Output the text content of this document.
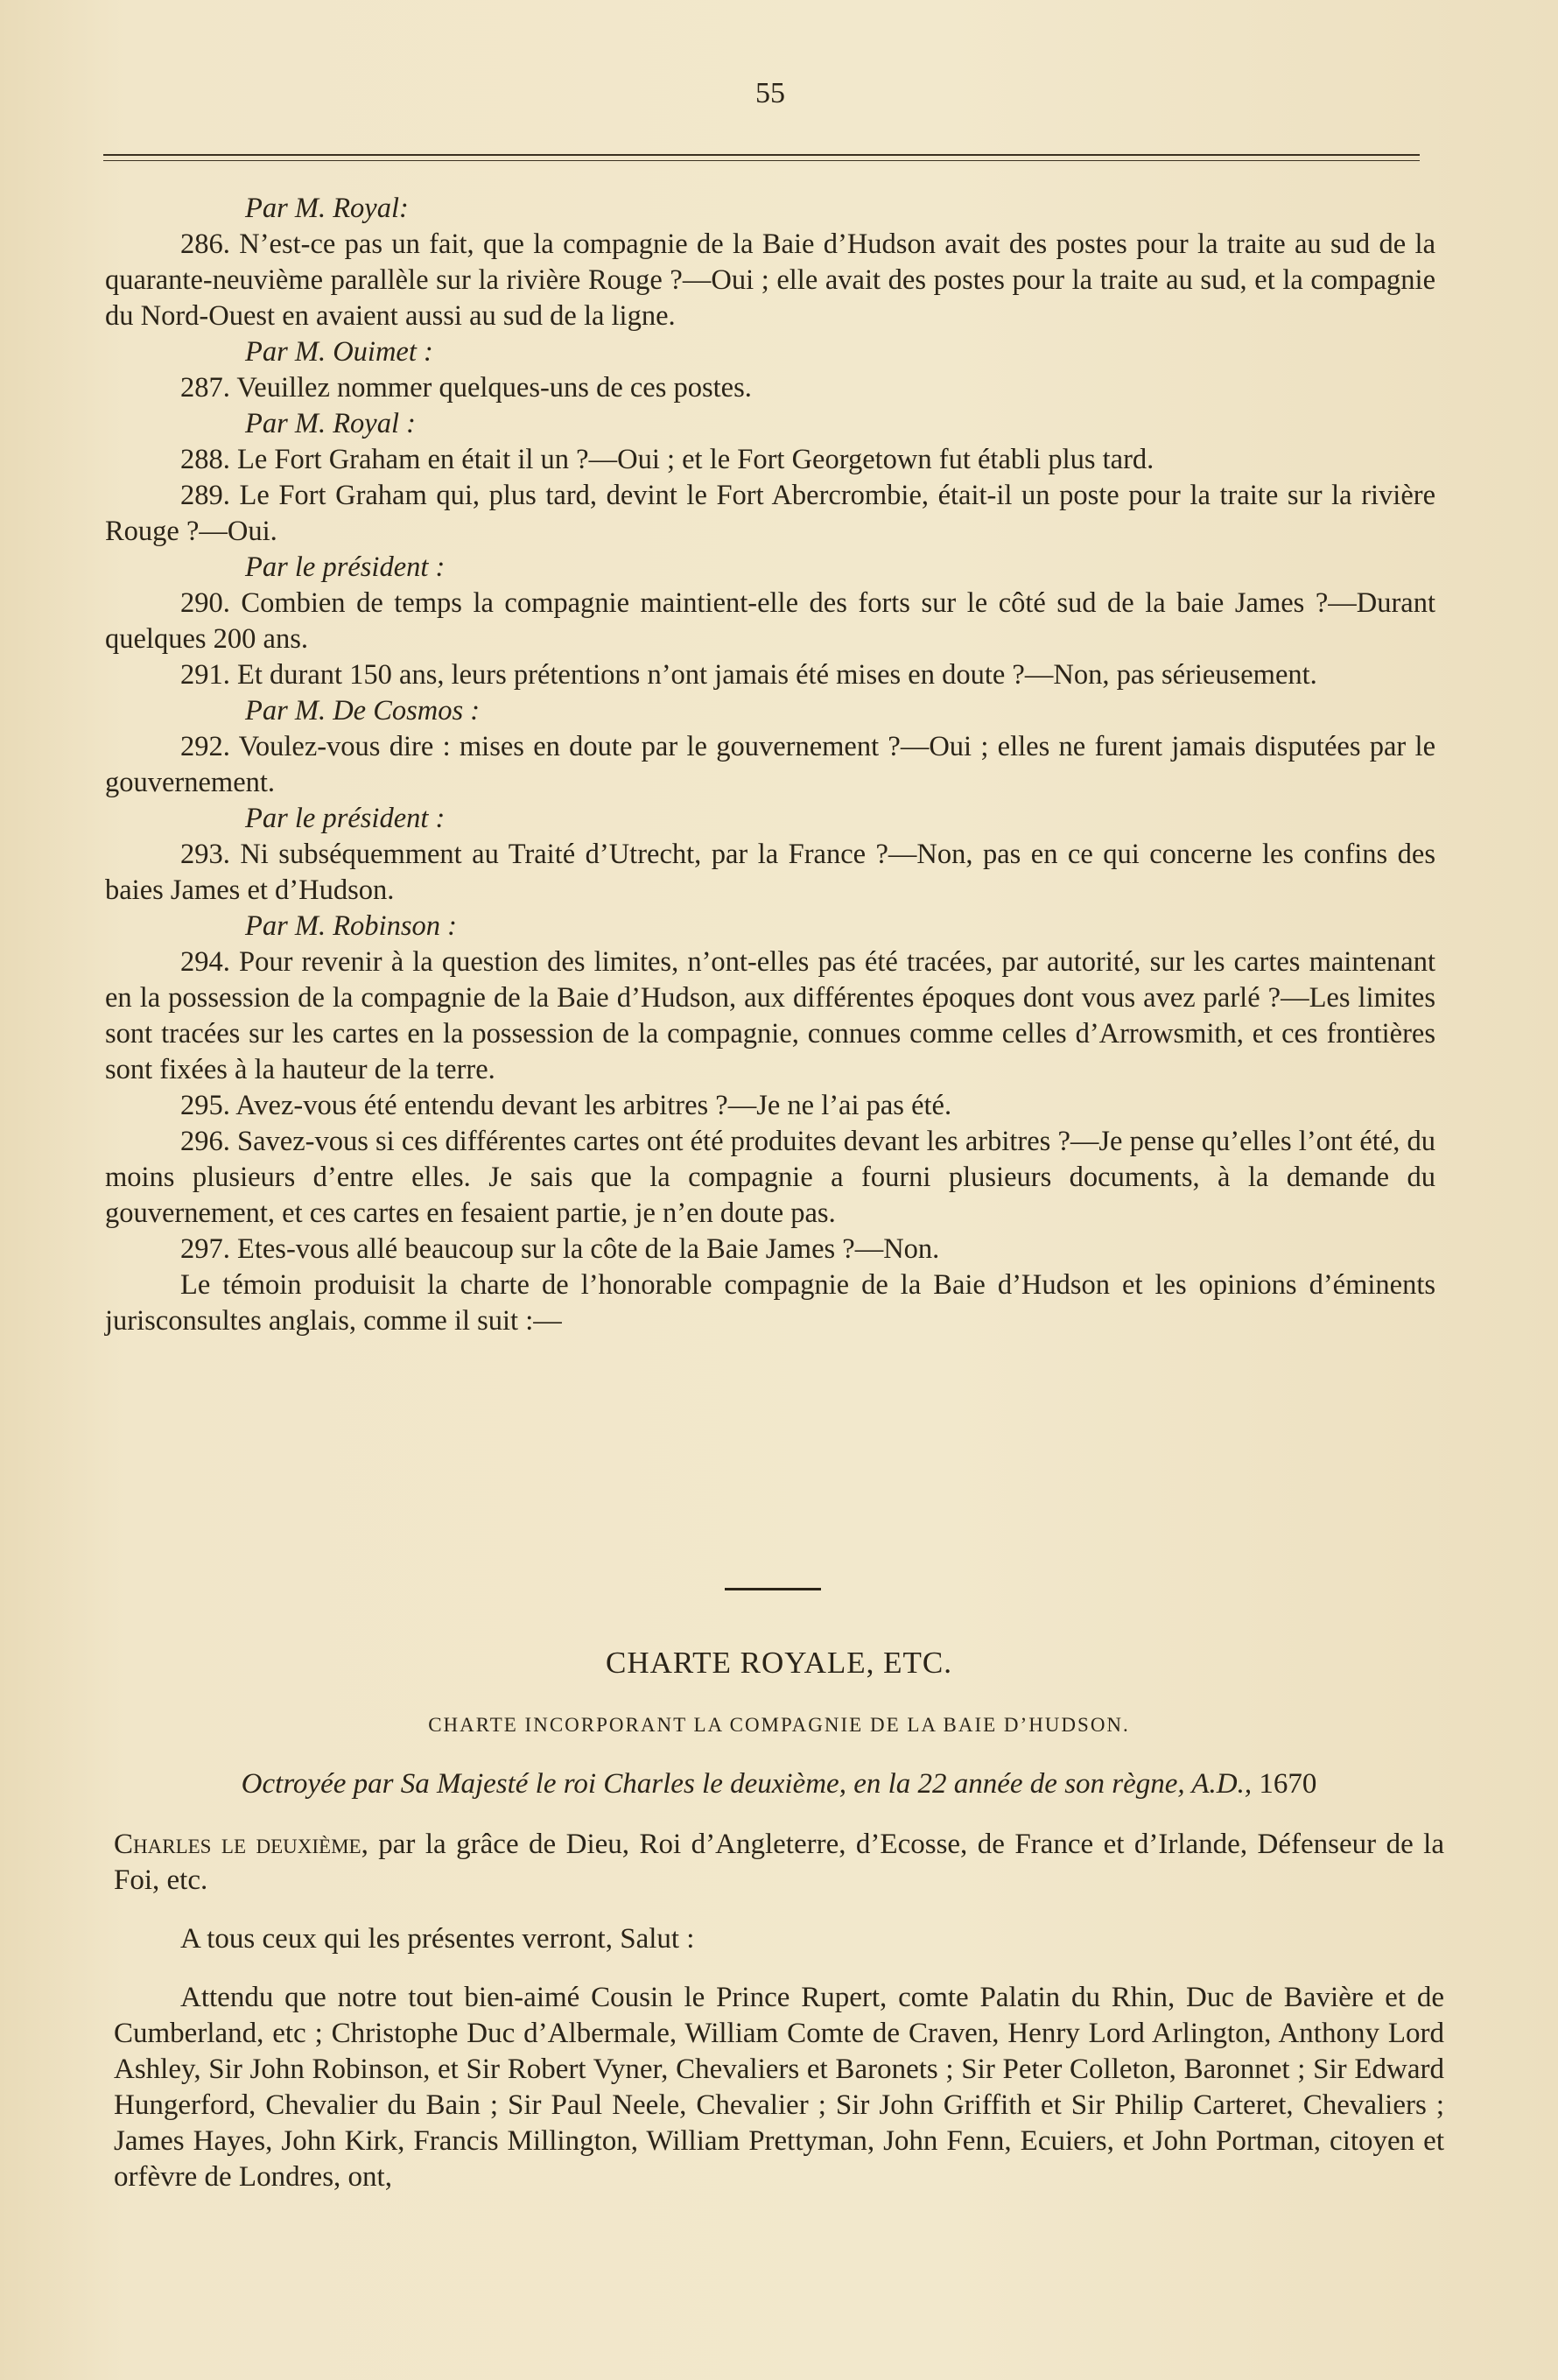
55
Par M. Royal:
286. N’est-ce pas un fait, que la compagnie de la Baie d’Hudson avait des postes pour la traite au sud de la quarante-neuvième parallèle sur la rivière Rouge ?—Oui ; elle avait des postes pour la traite au sud, et la compagnie du Nord-Ouest en avaient aussi au sud de la ligne.
Par M. Ouimet :
287. Veuillez nommer quelques-uns de ces postes.
Par M. Royal :
288. Le Fort Graham en était il un ?—Oui ; et le Fort Georgetown fut établi plus tard.
289. Le Fort Graham qui, plus tard, devint le Fort Abercrombie, était-il un poste pour la traite sur la rivière Rouge ?—Oui.
Par le président :
290. Combien de temps la compagnie maintient-elle des forts sur le côté sud de la baie James ?—Durant quelques 200 ans.
291. Et durant 150 ans, leurs prétentions n’ont jamais été mises en doute ?—Non, pas sérieusement.
Par M. De Cosmos :
292. Voulez-vous dire : mises en doute par le gouvernement ?—Oui ; elles ne furent jamais disputées par le gouvernement.
Par le président :
293. Ni subséquemment au Traité d’Utrecht, par la France ?—Non, pas en ce qui concerne les confins des baies James et d’Hudson.
Par M. Robinson :
294. Pour revenir à la question des limites, n’ont-elles pas été tracées, par autorité, sur les cartes maintenant en la possession de la compagnie de la Baie d’Hudson, aux différentes époques dont vous avez parlé ?—Les limites sont tracées sur les cartes en la possession de la compagnie, connues comme celles d’Arrowsmith, et ces frontières sont fixées à la hauteur de la terre.
295. Avez-vous été entendu devant les arbitres ?—Je ne l’ai pas été.
296. Savez-vous si ces différentes cartes ont été produites devant les arbitres ?—Je pense qu’elles l’ont été, du moins plusieurs d’entre elles. Je sais que la compagnie a fourni plusieurs documents, à la demande du gouvernement, et ces cartes en fesaient partie, je n’en doute pas.
297. Etes-vous allé beaucoup sur la côte de la Baie James ?—Non.
Le témoin produisit la charte de l’honorable compagnie de la Baie d’Hudson et les opinions d’éminents jurisconsultes anglais, comme il suit :—
CHARTE ROYALE, ETC.
CHARTE INCORPORANT LA COMPAGNIE DE LA BAIE D’HUDSON.

Octroyée par Sa Majesté le roi Charles le deuxième, en la 22 année de son règne, A.D., 1670

Charles le deuxième, par la grâce de Dieu, Roi d’Angleterre, d’Ecosse, de France et d’Irlande, Défenseur de la Foi, etc.

A tous ceux qui les présentes verront, Salut :

Attendu que notre tout bien-aimé Cousin le Prince Rupert, comte Palatin du Rhin, Duc de Bavière et de Cumberland, etc ; Christophe Duc d’Albermale, William Comte de Craven, Henry Lord Arlington, Anthony Lord Ashley, Sir John Robinson, et Sir Robert Vyner, Chevaliers et Baronets ; Sir Peter Colleton, Baronnet ; Sir Edward Hungerford, Chevalier du Bain ; Sir Paul Neele, Chevalier ; Sir John Griffith et Sir Philip Carteret, Chevaliers ; James Hayes, John Kirk, Francis Millington, William Prettyman, John Fenn, Ecuiers, et John Portman, citoyen et orfèvre de Londres, ont,
